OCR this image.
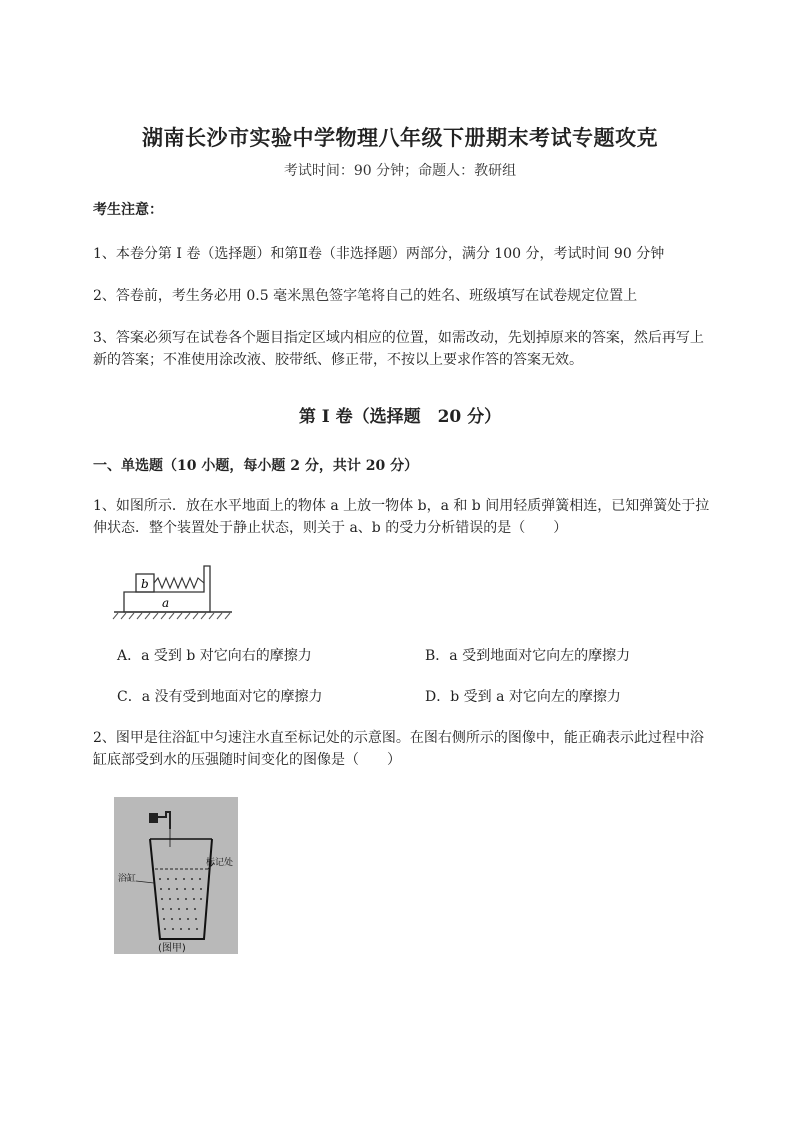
湖南长沙市实验中学物理八年级下册期末考试专题攻克
考试时间：90 分钟；命题人：教研组
考生注意：
1、本卷分第 I 卷（选择题）和第Ⅱ卷（非选择题）两部分，满分 100 分，考试时间 90 分钟
2、答卷前，考生务必用 0.5 毫米黑色签字笔将自己的姓名、班级填写在试卷规定位置上
3、答案必须写在试卷各个题目指定区域内相应的位置，如需改动，先划掉原来的答案，然后再写上新的答案；不准使用涂改液、胶带纸、修正带，不按以上要求作答的答案无效。
第 I 卷（选择题　20 分）
一、单选题（10 小题，每小题 2 分，共计 20 分）
1、如图所示．放在水平地面上的物体 a 上放一物体 b，a 和 b 间用轻质弹簧相连，已知弹簧处于拉伸状态．整个装置处于静止状态，则关于 a、b 的受力分析错误的是（　　）
b
a
A．a 受到 b 对它向右的摩擦力	B．a 受到地面对它向左的摩擦力
C．a 没有受到地面对它的摩擦力	D．b 受到 a 对它向左的摩擦力
2、图甲是往浴缸中匀速注水直至标记处的示意图。在图右侧所示的图像中，能正确表示此过程中浴缸底部受到水的压强随时间变化的图像是（　　）
标记处
浴缸
(图甲)
